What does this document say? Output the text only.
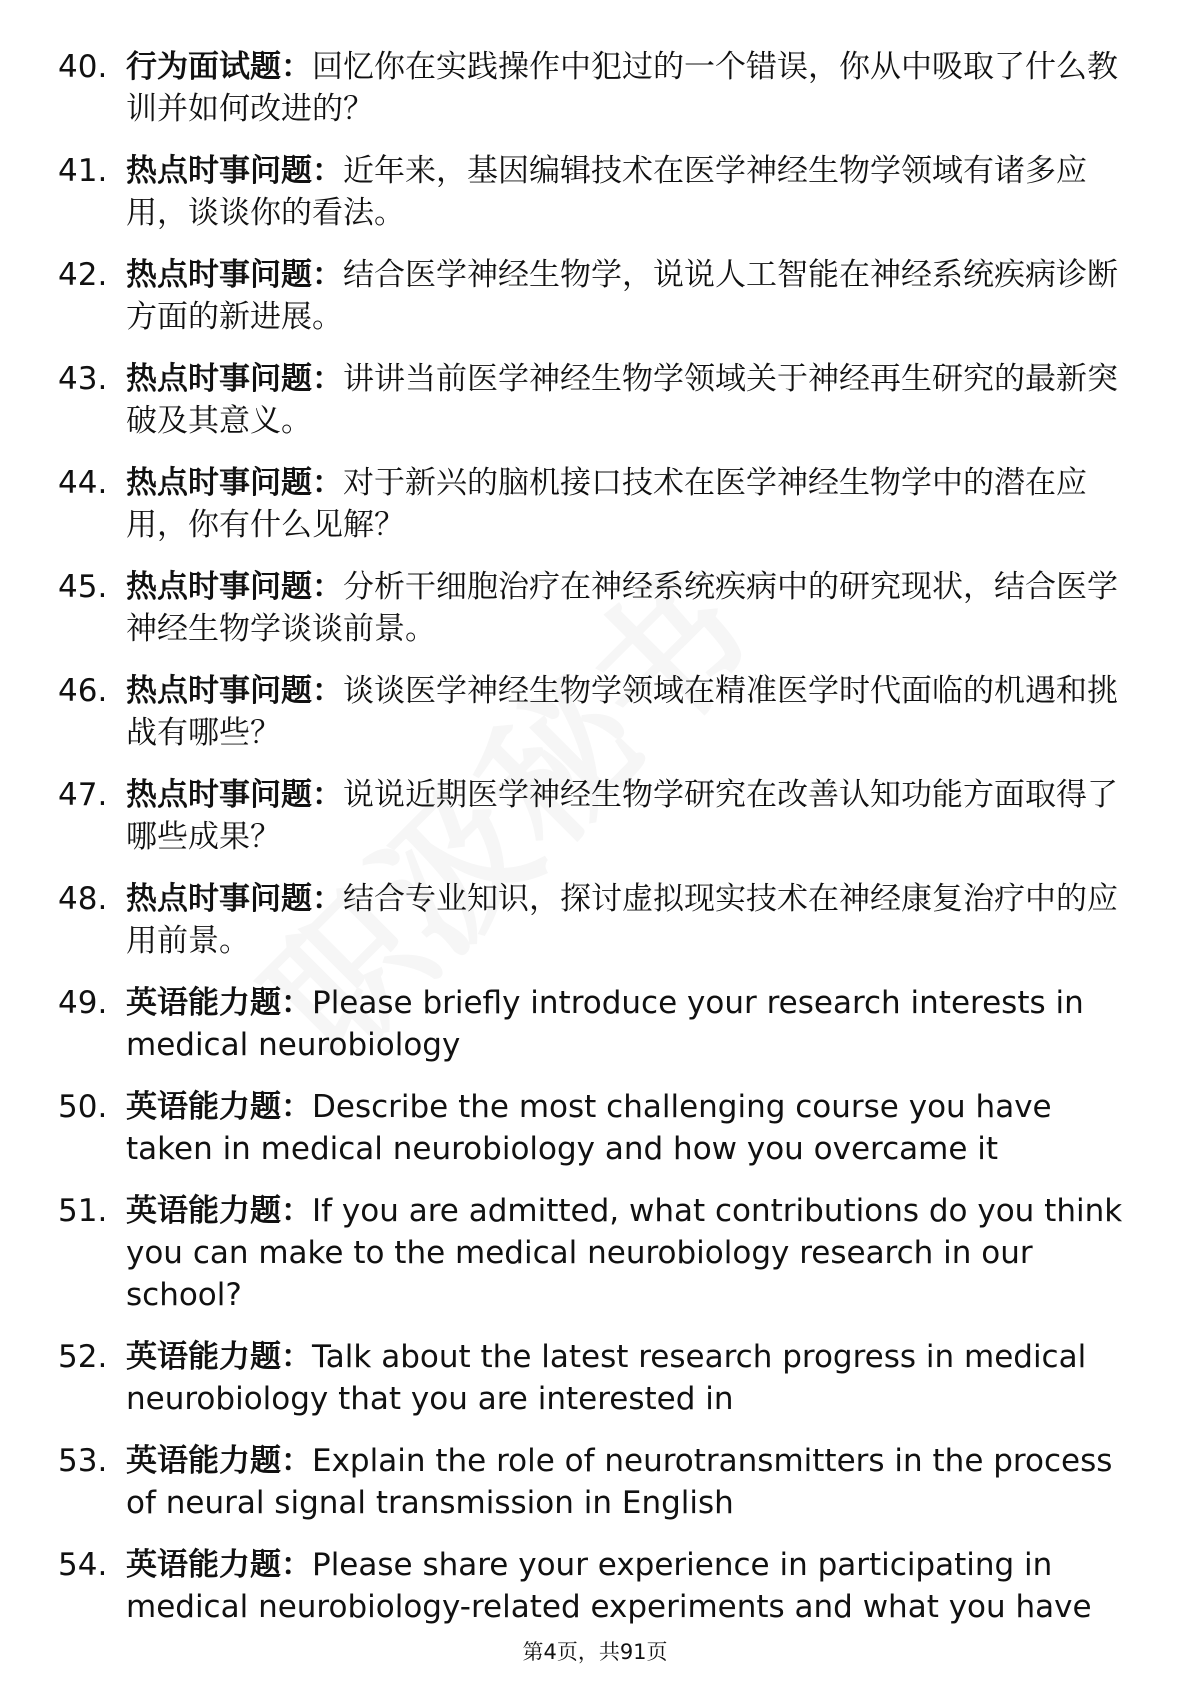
40. 行为面试题：回忆你在实践操作中犯过的一个错误，你从中吸取了什么教训并如何改进的？
41. 热点时事问题：近年来，基因编辑技术在医学神经生物学领域有诸多应用，谈谈你的看法。
42. 热点时事问题：结合医学神经生物学，说说人工智能在神经系统疾病诊断方面的新进展。
43. 热点时事问题：讲讲当前医学神经生物学领域关于神经再生研究的最新突破及其意义。
44. 热点时事问题：对于新兴的脑机接口技术在医学神经生物学中的潜在应用，你有什么见解？
45. 热点时事问题：分析干细胞治疗在神经系统疾病中的研究现状，结合医学神经生物学谈谈前景。
46. 热点时事问题：谈谈医学神经生物学领域在精准医学时代面临的机遇和挑战有哪些？
47. 热点时事问题：说说近期医学神经生物学研究在改善认知功能方面取得了哪些成果？
48. 热点时事问题：结合专业知识，探讨虚拟现实技术在神经康复治疗中的应用前景。
49. 英语能力题：Please briefly introduce your research interests in medical neurobiology
50. 英语能力题：Describe the most challenging course you have taken in medical neurobiology and how you overcame it
51. 英语能力题：If you are admitted, what contributions do you think you can make to the medical neurobiology research in our school?
52. 英语能力题：Talk about the latest research progress in medical neurobiology that you are interested in
53. 英语能力题：Explain the role of neurotransmitters in the process of neural signal transmission in English
54. 英语能力题：Please share your experience in participating in medical neurobiology-related experiments and what you have
第4页，共91页
